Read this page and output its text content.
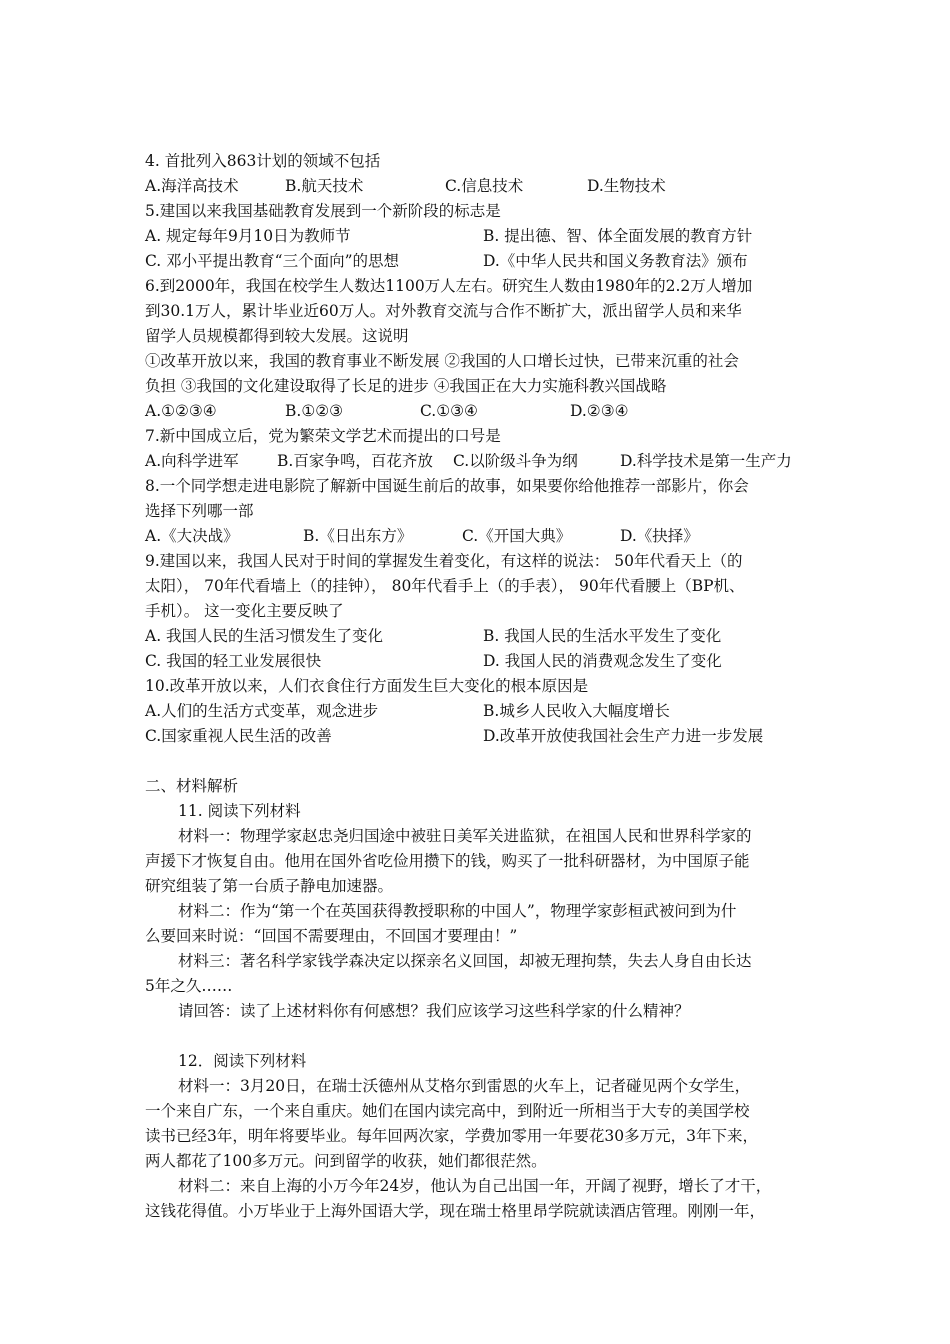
4. 首批列入863计划的领域不包括
A.海洋高技术	B.航天技术	C.信息技术	D.生物技术
5.建国以来我国基础教育发展到一个新阶段的标志是
A. 规定每年9月10日为教师节	B. 提出德、智、体全面发展的教育方针
C. 邓小平提出教育“三个面向”的思想	D.《中华人民共和国义务教育法》颁布
6.到2000年，我国在校学生人数达1100万人左右。研究生人数由1980年的2.2万人增加
到30.1万人，累计毕业近60万人。对外教育交流与合作不断扩大，派出留学人员和来华
留学人员规模都得到较大发展。这说明
①改革开放以来，我国的教育事业不断发展 ②我国的人口增长过快，已带来沉重的社会
负担 ③我国的文化建设取得了长足的进步 ④我国正在大力实施科教兴国战略
A.①②③④	B.①②③	C.①③④	D.②③④
7.新中国成立后，党为繁荣文学艺术而提出的口号是
A.向科学进军 B.百家争鸣，百花齐放 C.以阶级斗争为纲	D.科学技术是第一生产力
8.一个同学想走进电影院了解新中国诞生前后的故事，如果要你给他推荐一部影片，你会
选择下列哪一部
A.《大决战》	B.《日出东方》	C.《开国大典》	D.《抉择》
9.建国以来，我国人民对于时间的掌握发生着变化，有这样的说法： 50年代看天上（的
太阳）， 70年代看墙上（的挂钟）， 80年代看手上（的手表）， 90年代看腰上（BP机、
手机）。 这一变化主要反映了
A. 我国人民的生活习惯发生了变化	B. 我国人民的生活水平发生了变化
C. 我国的轻工业发展很快	D. 我国人民的消费观念发生了变化
10.改革开放以来，人们衣食住行方面发生巨大变化的根本原因是
A.人们的生活方式变革，观念进步	B.城乡人民收入大幅度增长
C.国家重视人民生活的改善	D.改革开放使我国社会生产力进一步发展
二、材料解析
11. 阅读下列材料
材料一：物理学家赵忠尧归国途中被驻日美军关进监狱，在祖国人民和世界科学家的
声援下才恢复自由。他用在国外省吃俭用攒下的钱，购买了一批科研器材，为中国原子能
研究组装了第一台质子静电加速器。
材料二：作为“第一个在英国获得教授职称的中国人”，物理学家彭桓武被问到为什
么要回来时说：“回国不需要理由，不回国才要理由！”
材料三：著名科学家钱学森决定以探亲名义回国，却被无理拘禁，失去人身自由长达
5年之久……
请回答：读了上述材料你有何感想？我们应该学习这些科学家的什么精神？
12．阅读下列材料
材料一：3月20日，在瑞士沃德州从艾格尔到雷恩的火车上，记者碰见两个女学生，
一个来自广东，一个来自重庆。她们在国内读完高中，到附近一所相当于大专的美国学校
读书已经3年，明年将要毕业。每年回两次家，学费加零用一年要花30多万元，3年下来，
两人都花了100多万元。问到留学的收获，她们都很茫然。
材料二：来自上海的小万今年24岁，他认为自己出国一年，开阔了视野，增长了才干，
这钱花得值。小万毕业于上海外国语大学，现在瑞士格里昂学院就读酒店管理。刚刚一年，
